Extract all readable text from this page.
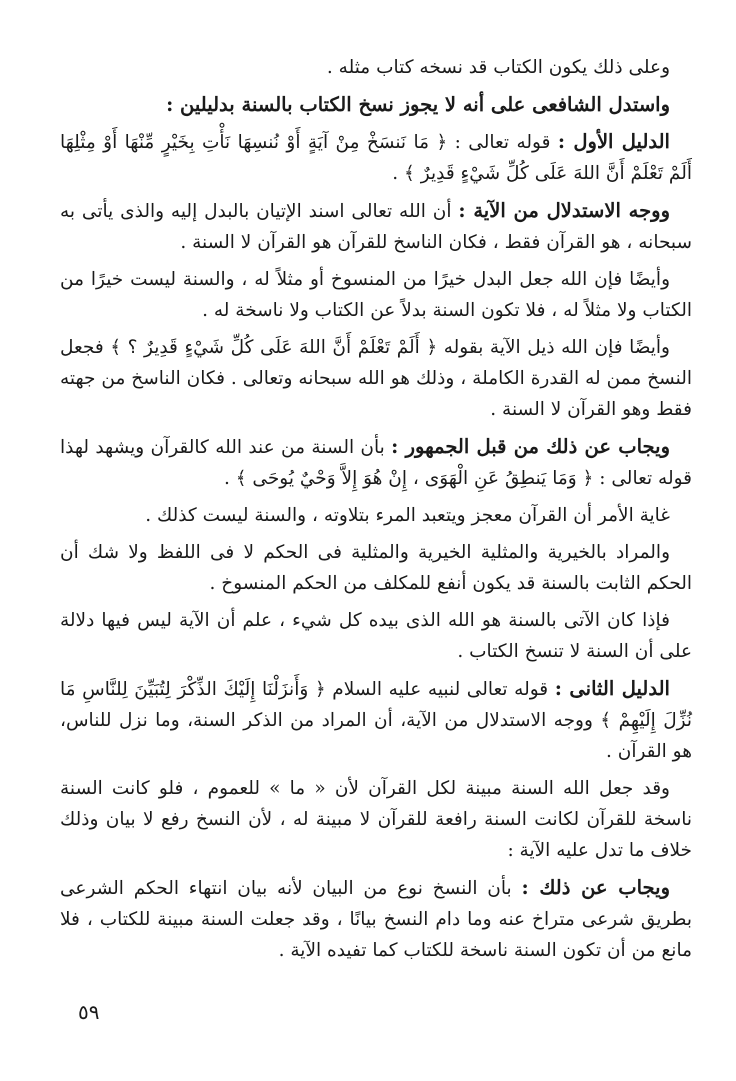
وعلى ذلك يكون الكتاب قد نسخه كتاب مثله .

واستدل الشافعى على أنه لا يجوز نسخ الكتاب بالسنة بدليلين :

الدليل الأول : قوله تعالى : ﴿ مَا نَنسَخْ مِنْ آيَةٍ أَوْ نُنسِهَا نَأْتِ بِخَيْرٍ مِّنْهَا أَوْ مِثْلِهَا أَلَمْ تَعْلَمْ أَنَّ اللهَ عَلَى كُلِّ شَيْءٍ قَدِيرٌ ﴾ .

ووجه الاستدلال من الآية : أن الله تعالى اسند الإتيان بالبدل إليه والذى يأتى به سبحانه ، هو القرآن فقط ، فكان الناسخ للقرآن هو القرآن لا السنة .

وأيضًا فإن الله جعل البدل خيرًا من المنسوخ أو مثلاً له ، والسنة ليست خيرًا من الكتاب ولا مثلاً له ، فلا تكون السنة بدلاً عن الكتاب ولا ناسخة له .

وأيضًا فإن الله ذيل الآية بقوله ﴿ أَلَمْ تَعْلَمْ أَنَّ اللهَ عَلَى كُلِّ شَيْءٍ قَدِيرٌ ؟ ﴾ فجعل النسخ ممن له القدرة الكاملة ، وذلك هو الله سبحانه وتعالى . فكان الناسخ من جهته فقط وهو القرآن لا السنة .

ويجاب عن ذلك من قبل الجمهور : بأن السنة من عند الله كالقرآن ويشهد لهذا قوله تعالى : ﴿ وَمَا يَنطِقُ عَنِ الْهَوَى ، إِنْ هُوَ إِلاَّ وَحْيٌ يُوحَى ﴾ .

غاية الأمر أن القرآن معجز ويتعبد المرء بتلاوته ، والسنة ليست كذلك .

والمراد بالخيرية والمثلية الخيرية والمثلية فى الحكم لا فى اللفظ ولا شك أن الحكم الثابت بالسنة قد يكون أنفع للمكلف من الحكم المنسوخ .

فإذا كان الآتى بالسنة هو الله الذى بيده كل شيء ، علم أن الآية ليس فيها دلالة على أن السنة لا تنسخ الكتاب .

الدليل الثانى : قوله تعالى لنبيه عليه السلام ﴿ وَأَنزَلْنَا إِلَيْكَ الذِّكْرَ لِتُبَيِّنَ لِلنَّاسِ مَا نُزِّلَ إِلَيْهِمْ ﴾ ووجه الاستدلال من الآية، أن المراد من الذكر السنة، وما نزل للناس، هو القرآن .

وقد جعل الله السنة مبينة لكل القرآن لأن « ما » للعموم ، فلو كانت السنة ناسخة للقرآن لكانت السنة رافعة للقرآن لا مبينة له ، لأن النسخ رفع لا بيان وذلك خلاف ما تدل عليه الآية :

ويجاب عن ذلك : بأن النسخ نوع من البيان لأنه بيان انتهاء الحكم الشرعى بطريق شرعى متراخ عنه وما دام النسخ بيانًا ، وقد جعلت السنة مبينة للكتاب ، فلا مانع من أن تكون السنة ناسخة للكتاب كما تفيده الآية .

٥٩
